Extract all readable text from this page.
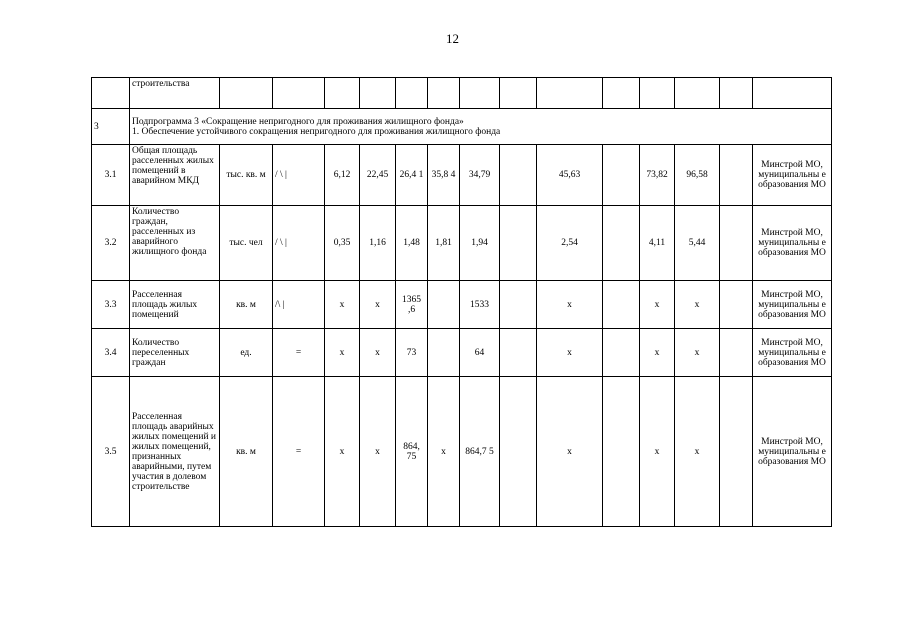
12
	строительства														
3	Подпрограмма 3 «Сокращение непригодного для проживания жилищного фонда»
1. Обеспечение устойчивого сокращения непригодного для проживания жилищного фонда														

3.1	Общая площадь расселенных жилых помещений в аварийном МКД	тыс. кв. м	/ \ |	6,12	22,45	26,4 1	35,8 4	34,79		45,63		73,82	96,58		Минстрой МО, муниципальны е образования МО
3.2	Количество граждан, расселенных из аварийного жилищного фонда	тыс. чел	/ \ |	0,35	1,16	1,48	1,81	1,94		2,54		4,11	5,44		Минстрой МО, муниципальны е образования МО
3.3	Расселенная площадь жилых помещений	кв. м	/\ |	х	х	1365 ,6		1533		х		х	х		Минстрой МО, муниципальны е образования МО
3.4	Количество переселенных граждан	ед.	=	х	х	73		64		х		х	х		Минстрой МО, муниципальны е образования МО
3.5	Расселенная площадь аварийных жилых помещений и жилых помещений, признанных аварийными, путем участия в долевом строительстве	кв. м	=	х	х	864, 75	х	864,7 5		х		х	х		Минстрой МО, муниципальны е образования МО
